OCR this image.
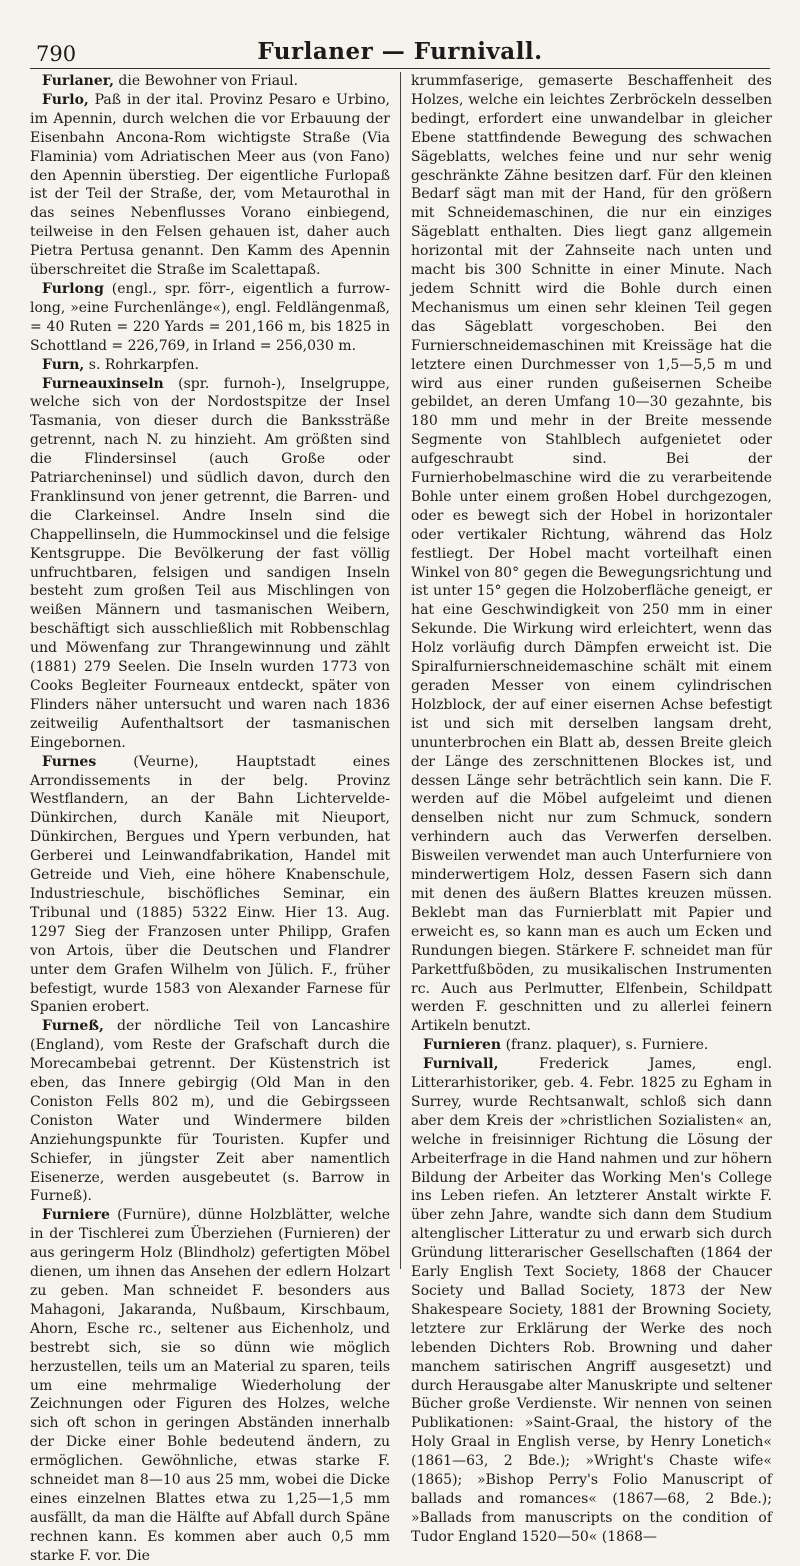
790	Furlaner — Furnivall.

Furlaner, die Bewohner von Friaul.

Furlo, Paß in der ital. Provinz Pesaro e Urbino, im Apennin, durch welchen die vor Erbauung der Eisenbahn Ancona-Rom wichtigste Straße (Via Flaminia) vom Adriatischen Meer aus (von Fano) den Apennin überstieg. Der eigentliche Furlopaß ist der Teil der Straße, der, vom Metaurothal in das seines Nebenflusses Vorano einbiegend, teilweise in den Felsen gehauen ist, daher auch Pietra Pertusa genannt. Den Kamm des Apennin überschreitet die Straße im Scalettapaß.

Furlong (engl., spr. förr-, eigentlich a furrow-long, »eine Furchenlänge«), engl. Feldlängenmaß, = 40 Ruten = 220 Yards = 201,166 m, bis 1825 in Schottland = 226,769, in Irland = 256,030 m.

Furn, s. Rohrkarpfen.

Furneauxinseln (spr. furnoh-), Inselgruppe, welche sich von der Nordostspitze der Insel Tasmania, von dieser durch die Bankssträße getrennt, nach N. zu hinzieht. Am größten sind die Flindersinsel (auch Große oder Patriarcheninsel) und südlich davon, durch den Franklinsund von jener getrennt, die Barren- und die Clarkeinsel. Andre Inseln sind die Chappellinseln, die Hummockinsel und die felsige Kentsgruppe. Die Bevölkerung der fast völlig unfruchtbaren, felsigen und sandigen Inseln besteht zum großen Teil aus Mischlingen von weißen Männern und tasmanischen Weibern, beschäftigt sich ausschließlich mit Robbenschlag und Möwenfang zur Thrangewinnung und zählt (1881) 279 Seelen. Die Inseln wurden 1773 von Cooks Begleiter Fourneaux entdeckt, später von Flinders näher untersucht und waren nach 1836 zeitweilig Aufenthaltsort der tasmanischen Eingebornen.

Furnes (Veurne), Hauptstadt eines Arrondissements in der belg. Provinz Westflandern, an der Bahn Lichtervelde-Dünkirchen, durch Kanäle mit Nieuport, Dünkirchen, Bergues und Ypern verbunden, hat Gerberei und Leinwandfabrikation, Handel mit Getreide und Vieh, eine höhere Knabenschule, Industrieschule, bischöfliches Seminar, ein Tribunal und (1885) 5322 Einw. Hier 13. Aug. 1297 Sieg der Franzosen unter Philipp, Grafen von Artois, über die Deutschen und Flandrer unter dem Grafen Wilhelm von Jülich. F., früher befestigt, wurde 1583 von Alexander Farnese für Spanien erobert.

Furneß, der nördliche Teil von Lancashire (England), vom Reste der Grafschaft durch die Morecambebai getrennt. Der Küstenstrich ist eben, das Innere gebirgig (Old Man in den Coniston Fells 802 m), und die Gebirgsseen Coniston Water und Windermere bilden Anziehungspunkte für Touristen. Kupfer und Schiefer, in jüngster Zeit aber namentlich Eisenerze, werden ausgebeutet (s. Barrow in Furneß).

Furniere (Furnüre), dünne Holzblätter, welche in der Tischlerei zum Überziehen (Furnieren) der aus geringerm Holz (Blindholz) gefertigten Möbel dienen, um ihnen das Ansehen der edlern Holzart zu geben. Man schneidet F. besonders aus Mahagoni, Jakaranda, Nußbaum, Kirschbaum, Ahorn, Esche rc., seltener aus Eichenholz, und bestrebt sich, sie so dünn wie möglich herzustellen, teils um an Material zu sparen, teils um eine mehrmalige Wiederholung der Zeichnungen oder Figuren des Holzes, welche sich oft schon in geringen Abständen innerhalb der Dicke einer Bohle bedeutend ändern, zu ermöglichen. Gewöhnliche, etwas starke F. schneidet man 8—10 aus 25 mm, wobei die Dicke eines einzelnen Blattes etwa zu 1,25—1,5 mm ausfällt, da man die Hälfte auf Abfall durch Späne rechnen kann. Es kommen aber auch 0,5 mm starke F. vor. Die

krummfaserige, gemaserte Beschaffenheit des Holzes, welche ein leichtes Zerbröckeln desselben bedingt, erfordert eine unwandelbar in gleicher Ebene stattfindende Bewegung des schwachen Sägeblatts, welches feine und nur sehr wenig geschränkte Zähne besitzen darf. Für den kleinen Bedarf sägt man mit der Hand, für den größern mit Schneidemaschinen, die nur ein einziges Sägeblatt enthalten. Dies liegt ganz allgemein horizontal mit der Zahnseite nach unten und macht bis 300 Schnitte in einer Minute. Nach jedem Schnitt wird die Bohle durch einen Mechanismus um einen sehr kleinen Teil gegen das Sägeblatt vorgeschoben. Bei den Furnierschneidemaschinen mit Kreissäge hat die letztere einen Durchmesser von 1,5—5,5 m und wird aus einer runden gußeisernen Scheibe gebildet, an deren Umfang 10—30 gezahnte, bis 180 mm und mehr in der Breite messende Segmente von Stahlblech aufgenietet oder aufgeschraubt sind. Bei der Furnierhobelmaschine wird die zu verarbeitende Bohle unter einem großen Hobel durchgezogen, oder es bewegt sich der Hobel in horizontaler oder vertikaler Richtung, während das Holz festliegt. Der Hobel macht vorteilhaft einen Winkel von 80° gegen die Bewegungsrichtung und ist unter 15° gegen die Holzoberfläche geneigt, er hat eine Geschwindigkeit von 250 mm in einer Sekunde. Die Wirkung wird erleichtert, wenn das Holz vorläufig durch Dämpfen erweicht ist. Die Spiralfurnierschneidemaschine schält mit einem geraden Messer von einem cylindrischen Holzblock, der auf einer eisernen Achse befestigt ist und sich mit derselben langsam dreht, ununterbrochen ein Blatt ab, dessen Breite gleich der Länge des zerschnittenen Blockes ist, und dessen Länge sehr beträchtlich sein kann. Die F. werden auf die Möbel aufgeleimt und dienen denselben nicht nur zum Schmuck, sondern verhindern auch das Verwerfen derselben. Bisweilen verwendet man auch Unterfurniere von minderwertigem Holz, dessen Fasern sich dann mit denen des äußern Blattes kreuzen müssen. Beklebt man das Furnierblatt mit Papier und erweicht es, so kann man es auch um Ecken und Rundungen biegen. Stärkere F. schneidet man für Parkettfußböden, zu musikalischen Instrumenten rc. Auch aus Perlmutter, Elfenbein, Schildpatt werden F. geschnitten und zu allerlei feinern Artikeln benutzt.

Furnieren (franz. plaquer), s. Furniere.

Furnivall, Frederick James, engl. Litterarhistoriker, geb. 4. Febr. 1825 zu Egham in Surrey, wurde Rechtsanwalt, schloß sich dann aber dem Kreis der »christlichen Sozialisten« an, welche in freisinniger Richtung die Lösung der Arbeiterfrage in die Hand nahmen und zur höhern Bildung der Arbeiter das Working Men's College ins Leben riefen. An letzterer Anstalt wirkte F. über zehn Jahre, wandte sich dann dem Studium altenglischer Litteratur zu und erwarb sich durch Gründung litterarischer Gesellschaften (1864 der Early English Text Society, 1868 der Chaucer Society und Ballad Society, 1873 der New Shakespeare Society, 1881 der Browning Society, letztere zur Erklärung der Werke des noch lebenden Dichters Rob. Browning und daher manchem satirischen Angriff ausgesetzt) und durch Herausgabe alter Manuskripte und seltener Bücher große Verdienste. Wir nennen von seinen Publikationen: »Saint-Graal, the history of the Holy Graal in English verse, by Henry Lonetich« (1861—63, 2 Bde.); »Wright's Chaste wife« (1865); »Bishop Perry's Folio Manuscript of ballads and romances« (1867—68, 2 Bde.); »Ballads from manuscripts on the condition of Tudor England 1520—50« (1868—
